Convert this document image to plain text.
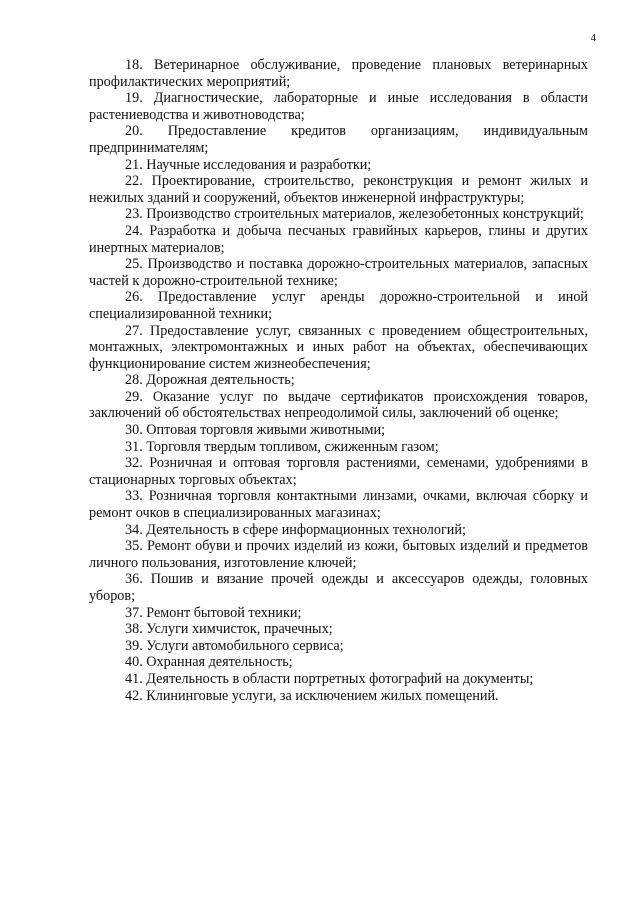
4

18. Ветеринарное обслуживание, проведение плановых ветеринарных профилактических мероприятий;

19. Диагностические, лабораторные и иные исследования в области растениеводства и животноводства;

20. Предоставление кредитов организациям, индивидуальным предпринимателям;

21. Научные исследования и разработки;

22. Проектирование, строительство, реконструкция и ремонт жилых и нежилых зданий и сооружений, объектов инженерной инфраструктуры;

23. Производство строительных материалов, железобетонных конструкций;

24. Разработка и добыча песчаных гравийных карьеров, глины и других инертных материалов;

25. Производство и поставка дорожно-строительных материалов, запасных частей к дорожно-строительной технике;

26. Предоставление услуг аренды дорожно-строительной и иной специализированной техники;

27. Предоставление услуг, связанных с проведением общестроительных, монтажных, электромонтажных и иных работ на объектах, обеспечивающих функционирование систем жизнеобеспечения;

28. Дорожная деятельность;

29. Оказание услуг по выдаче сертификатов происхождения товаров, заключений об обстоятельствах непреодолимой силы, заключений об оценке;

30. Оптовая торговля живыми животными;

31. Торговля твердым топливом, сжиженным газом;

32. Розничная и оптовая торговля растениями, семенами, удобрениями в стационарных торговых объектах;

33. Розничная торговля контактными линзами, очками, включая сборку и ремонт очков в специализированных магазинах;

34. Деятельность в сфере информационных технологий;

35. Ремонт обуви и прочих изделий из кожи, бытовых изделий и предметов личного пользования, изготовление ключей;

36. Пошив и вязание прочей одежды и аксессуаров одежды, головных уборов;

37. Ремонт бытовой техники;

38. Услуги химчисток, прачечных;

39. Услуги автомобильного сервиса;

40. Охранная деятельность;

41. Деятельность в области портретных фотографий на документы;

42. Клининговые услуги, за исключением жилых помещений.
